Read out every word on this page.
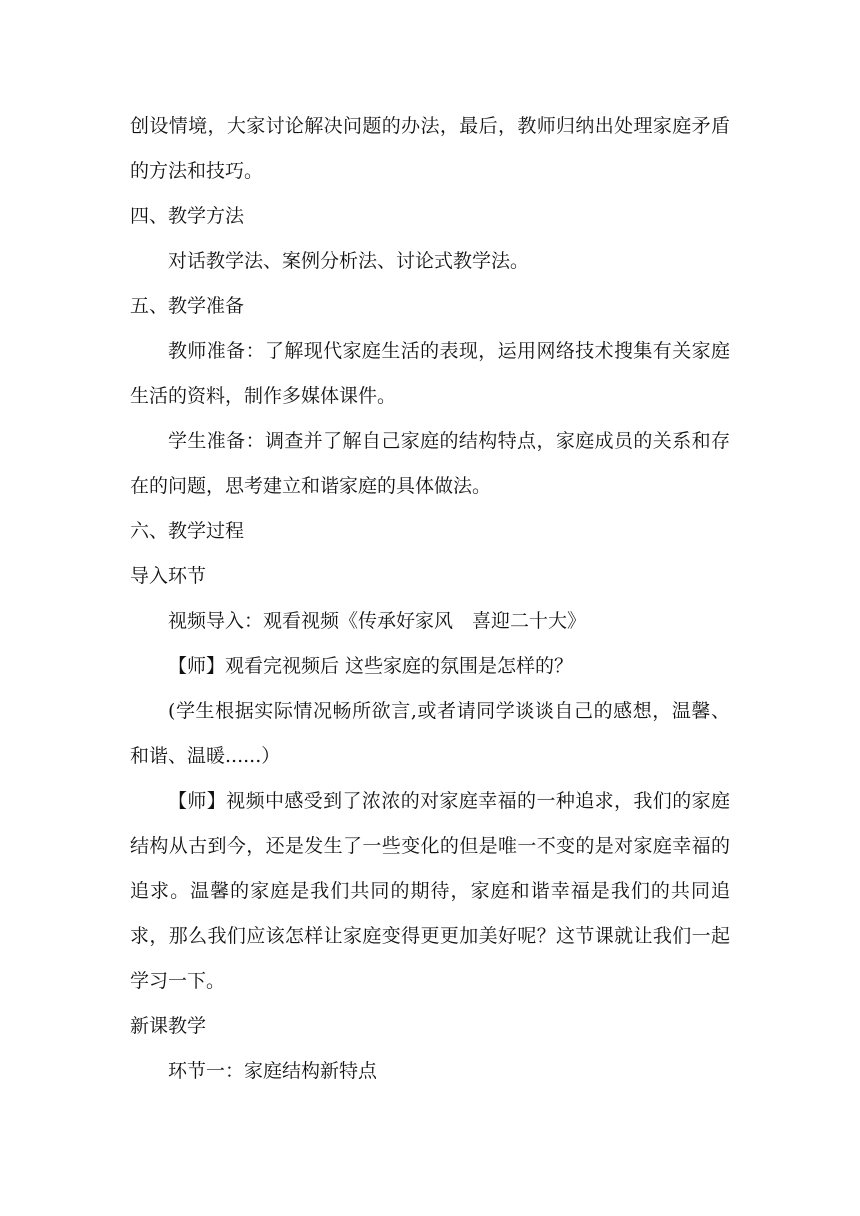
创设情境，大家讨论解决问题的办法，最后，教师归纳出处理家庭矛盾的方法和技巧。

四、教学方法

对话教学法、案例分析法、讨论式教学法。

五、教学准备

教师准备：了解现代家庭生活的表现，运用网络技术搜集有关家庭生活的资料，制作多媒体课件。

学生准备：调查并了解自己家庭的结构特点，家庭成员的关系和存在的问题，思考建立和谐家庭的具体做法。

六、教学过程

导入环节

视频导入：观看视频《传承好家风　喜迎二十大》

【师】观看完视频后 这些家庭的氛围是怎样的？

(学生根据实际情况畅所欲言,或者请同学谈谈自己的感想，温馨、和谐、温暖......）

【师】视频中感受到了浓浓的对家庭幸福的一种追求，我们的家庭结构从古到今，还是发生了一些变化的但是唯一不变的是对家庭幸福的追求。温馨的家庭是我们共同的期待，家庭和谐幸福是我们的共同追求，那么我们应该怎样让家庭变得更更加美好呢？这节课就让我们一起学习一下。

新课教学

环节一：家庭结构新特点
